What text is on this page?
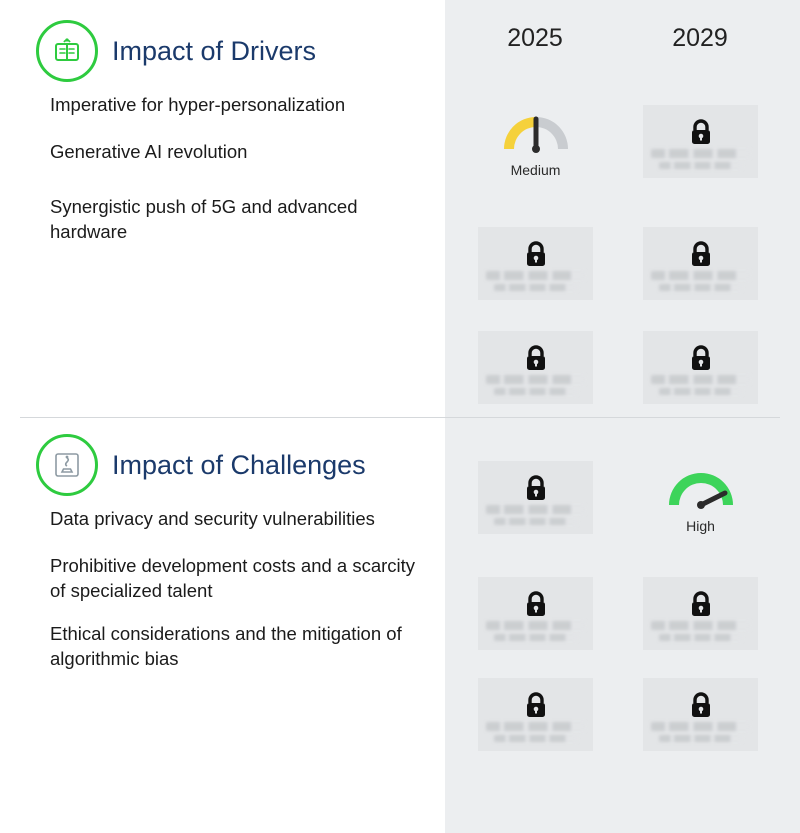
2025	2029
Impact of Drivers
Imperative for hyper-personalization
Generative AI revolution
Synergistic push of 5G and advanced hardware
Impact of Challenges
Data privacy and security vulnerabilities
Prohibitive development costs and a scarcity of specialized talent
Ethical considerations and the mitigation of algorithmic bias
Medium
High
